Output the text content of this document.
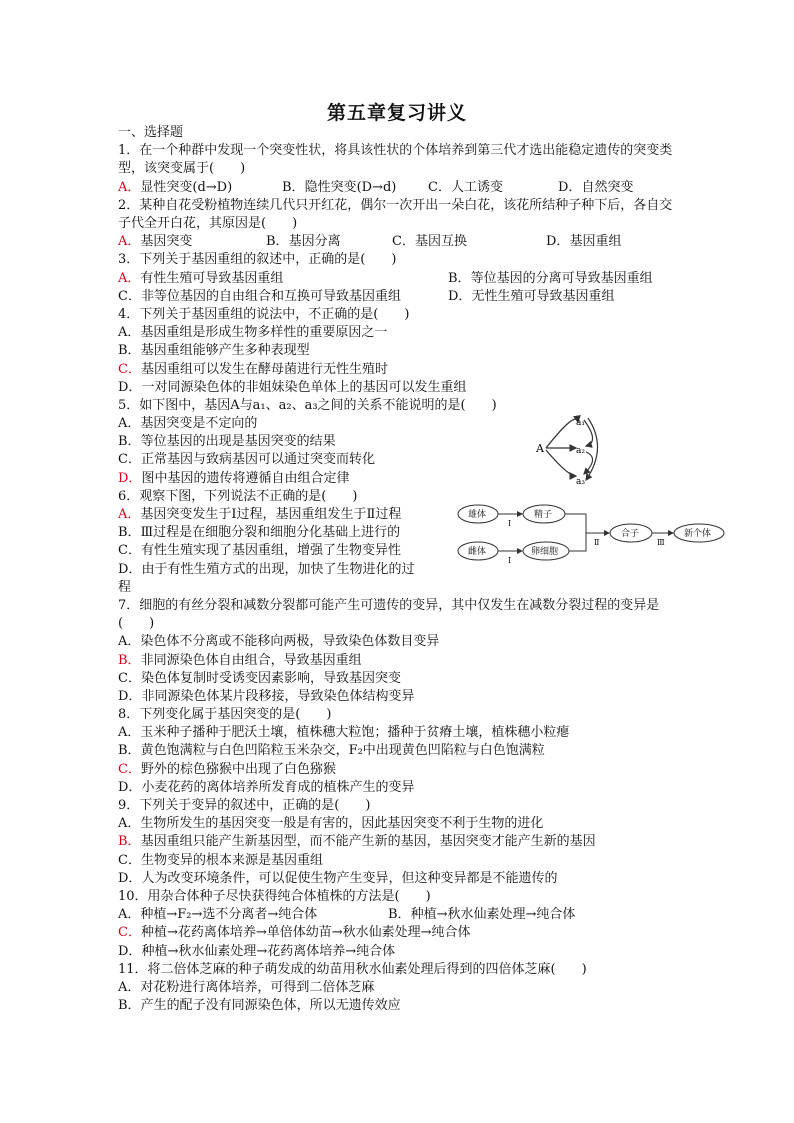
第五章复习讲义
一、选择题
1．在一个种群中发现一个突变性状，将具该性状的个体培养到第三代才选出能稳定遗传的突变类型，该突变属于(　　)
A．显性突变(d→D)	B．隐性突变(D→d)	C．人工诱变	D．自然突变
2．某种自花受粉植物连续几代只开红花，偶尔一次开出一朵白花，该花所结种子种下后，各自交子代全开白花，其原因是(　　)
A．基因突变	B．基因分离	C．基因互换	D．基因重组
3．下列关于基因重组的叙述中，正确的是(　　)
A．有性生殖可导致基因重组	B．等位基因的分离可导致基因重组
C．非等位基因的自由组合和互换可导致基因重组	D．无性生殖可导致基因重组
4．下列关于基因重组的说法中，不正确的是(　　)
A．基因重组是形成生物多样性的重要原因之一
B．基因重组能够产生多种表现型
C．基因重组可以发生在酵母菌进行无性生殖时
D．一对同源染色体的非姐妹染色单体上的基因可以发生重组
5．如下图中，基因A与a₁、a₂、a₃之间的关系不能说明的是(　　)
A．基因突变是不定向的
B．等位基因的出现是基因突变的结果
C．正常基因与致病基因可以通过突变而转化
D．图中基因的遗传将遵循自由组合定律
6．观察下图，下列说法不正确的是(　　)
A．基因突变发生于Ⅰ过程，基因重组发生于Ⅱ过程
B．Ⅲ过程是在细胞分裂和细胞分化基础上进行的
C．有性生殖实现了基因重组，增强了生物变异性
D．由于有性生殖方式的出现，加快了生物进化的过
程
7．细胞的有丝分裂和减数分裂都可能产生可遗传的变异，其中仅发生在减数分裂过程的变异是(　　)
A．染色体不分离或不能移向两极，导致染色体数目变异
B．非同源染色体自由组合，导致基因重组
C．染色体复制时受诱变因素影响，导致基因突变
D．非同源染色体某片段移接，导致染色体结构变异
8．下列变化属于基因突变的是(　　)
A．玉米种子播种于肥沃土壤，植株穗大粒饱；播种于贫瘠土壤，植株穗小粒瘪
B．黄色饱满粒与白色凹陷粒玉米杂交，F₂中出现黄色凹陷粒与白色饱满粒
C．野外的棕色猕猴中出现了白色猕猴
D．小麦花药的离体培养所发育成的植株产生的变异
9．下列关于变异的叙述中，正确的是(　　)
A．生物所发生的基因突变一般是有害的，因此基因突变不利于生物的进化
B．基因重组只能产生新基因型，而不能产生新的基因，基因突变才能产生新的基因
C．生物变异的根本来源是基因重组
D．人为改变环境条件，可以促使生物产生变异，但这种变异都是不能遗传的
10．用杂合体种子尽快获得纯合体植株的方法是(　　)
A．种植→F₂→选不分离者→纯合体	B．种植→秋水仙素处理→纯合体
C．种植→花药离体培养→单倍体幼苗→秋水仙素处理→纯合体
D．种植→秋水仙素处理→花药离体培养→纯合体
11．将二倍体芝麻的种子萌发成的幼苗用秋水仙素处理后得到的四倍体芝麻(　　)
A．对花粉进行离体培养，可得到二倍体芝麻
B．产生的配子没有同源染色体，所以无遗传效应
A
a₁
a₂
a₃
雄体	精子
雌体	卵细胞
合子	新个体
Ⅰ
Ⅰ
Ⅱ	Ⅲ
